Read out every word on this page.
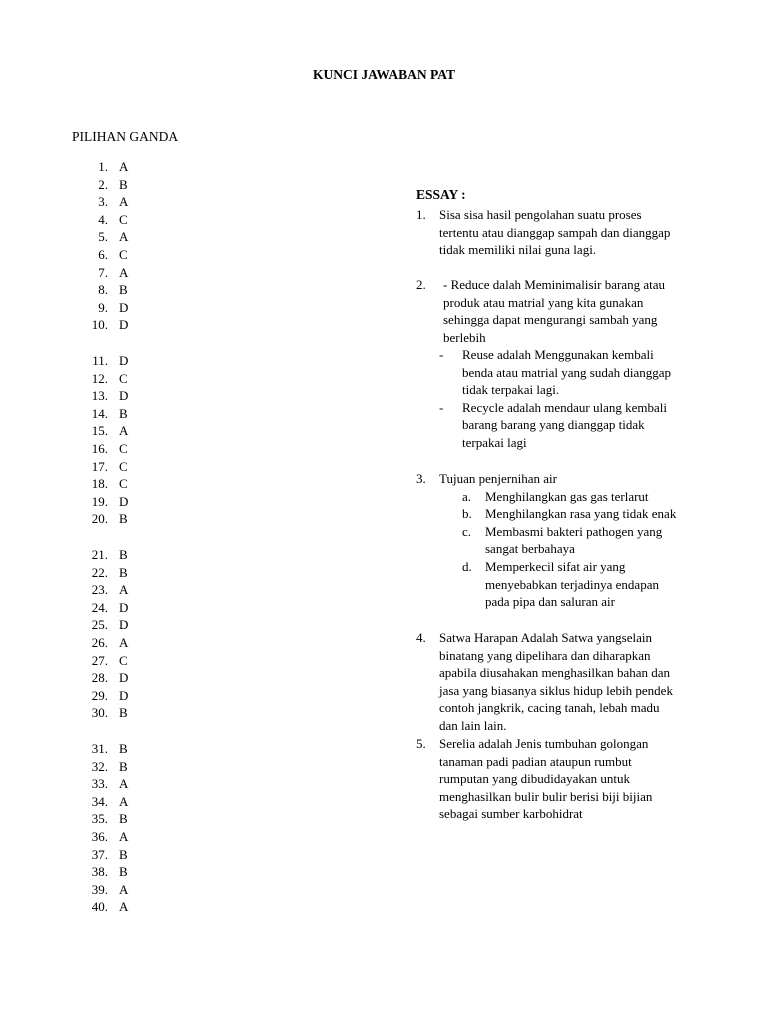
KUNCI JAWABAN PAT
PILIHAN GANDA
1. A
2. B
3. A
4. C
5. A
6. C
7. A
8. B
9. D
10. D
11. D
12. C
13. D
14. B
15. A
16. C
17. C
18. C
19. D
20. B
21. B
22. B
23. A
24. D
25. D
26. A
27. C
28. D
29. D
30. B
31. B
32. B
33. A
34. A
35. B
36. A
37. B
38. B
39. A
40. A
ESSAY :
1. Sisa sisa hasil pengolahan suatu proses
tertentu atau dianggap sampah dan dianggap
tidak memiliki nilai guna lagi.
2. - Reduce dalah Meminimalisir barang atau
produk atau matrial yang kita gunakan
sehingga dapat mengurangi sambah yang
berlebih
- Reuse adalah Menggunakan kembali
benda atau matrial yang sudah dianggap
tidak terpakai lagi.
- Recycle adalah mendaur ulang kembali
barang barang yang dianggap tidak
terpakai lagi
3. Tujuan penjernihan air
a. Menghilangkan gas gas terlarut
b. Menghilangkan rasa yang tidak enak
c. Membasmi bakteri pathogen yang
sangat berbahaya
d. Memperkecil sifat air yang
menyebabkan terjadinya endapan
pada pipa dan saluran air
4. Satwa Harapan Adalah Satwa yangselain
binatang yang dipelihara dan diharapkan
apabila diusahakan menghasilkan bahan dan
jasa yang biasanya siklus hidup lebih pendek
contoh jangkrik, cacing tanah, lebah madu
dan lain lain.
5. Serelia adalah Jenis tumbuhan golongan
tanaman padi padian ataupun rumbut
rumputan yang dibudidayakan untuk
menghasilkan bulir bulir berisi biji bijian
sebagai sumber karbohidrat
